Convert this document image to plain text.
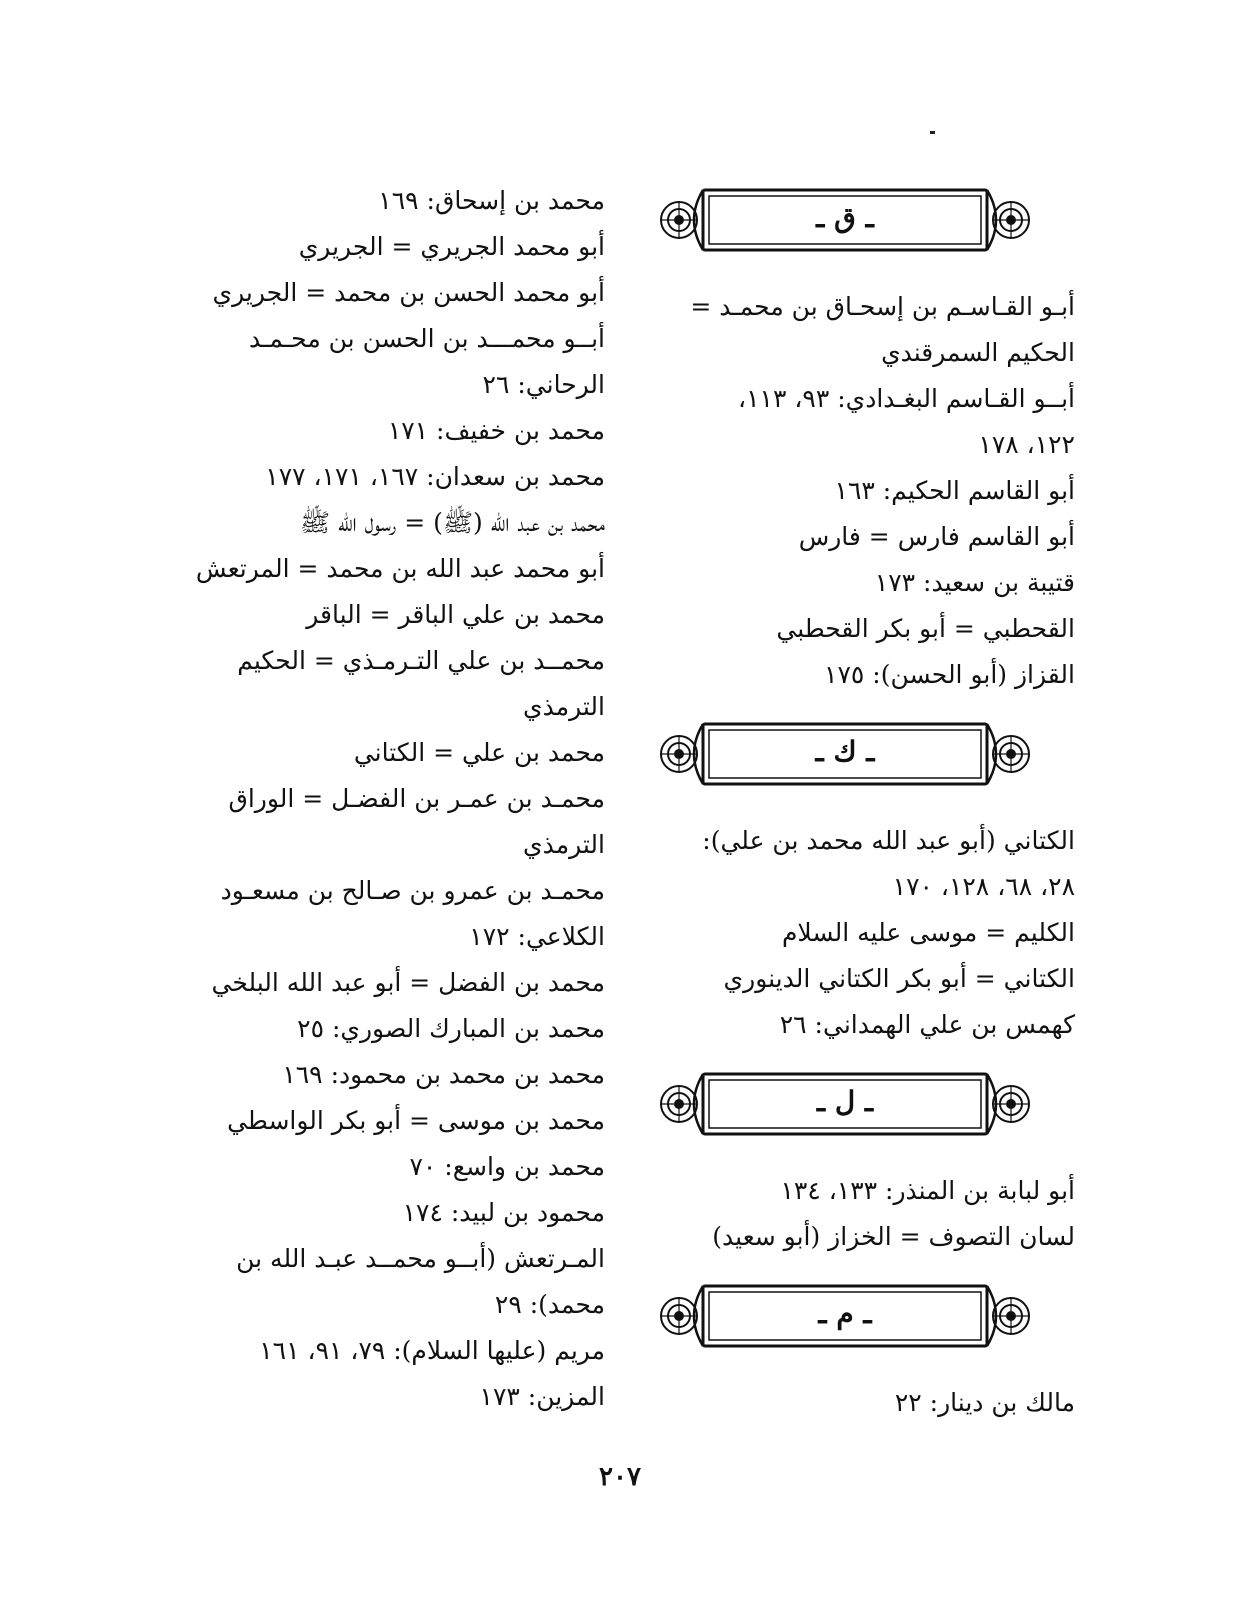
ـ ق ـ
أبـو القـاسـم بن إسحـاق بن محمـد =
الحكيم السمرقندي
أبــو القـاسم البغـدادي: ٩٣، ١١٣،
١٢٢، ١٧٨
أبو القاسم الحكيم: ١٦٣
أبو القاسم فارس = فارس
قتيبة بن سعيد: ١٧٣
القحطبي = أبو بكر القحطبي
القزاز (أبو الحسن): ١٧٥
ـ ك ـ
الكتاني (أبو عبد الله محمد بن علي):
٢٨، ٦٨، ١٢٨، ١٧٠
الكليم = موسى عليه السلام
الكتاني = أبو بكر الكتاني الدينوري
كهمس بن علي الهمداني: ٢٦
ـ ل ـ
أبو لبابة بن المنذر: ١٣٣، ١٣٤
لسان التصوف = الخزاز (أبو سعيد)
ـ م ـ
مالك بن دينار: ٢٢
محمد بن إسحاق: ١٦٩
أبو محمد الجريري = الجريري
أبو محمد الحسن بن محمد = الجريري
أبــو محمـــد بن الحسن بن محـمـد
الرحاني: ٢٦
محمد بن خفيف: ١٧١
محمد بن سعدان: ١٦٧، ١٧١، ١٧٧
محمد بن عبد الله (ﷺ) = رسول الله ﷺ
أبو محمد عبد الله بن محمد = المرتعش
محمد بن علي الباقر = الباقر
محمــد بن علي التـرمـذي = الحكيم
الترمذي
محمد بن علي = الكتاني
محمـد بن عمـر بن الفضـل = الوراق
الترمذي
محمـد بن عمرو بن صـالح بن مسعـود
الكلاعي: ١٧٢
محمد بن الفضل = أبو عبد الله البلخي
محمد بن المبارك الصوري: ٢٥
محمد بن محمد بن محمود: ١٦٩
محمد بن موسى = أبو بكر الواسطي
محمد بن واسع: ٧٠
محمود بن لبيد: ١٧٤
المـرتعش (أبــو محمــد عبـد الله بن
محمد): ٢٩
مريم (عليها السلام): ٧٩، ٩١، ١٦١
المزين: ١٧٣
٢٠٧
